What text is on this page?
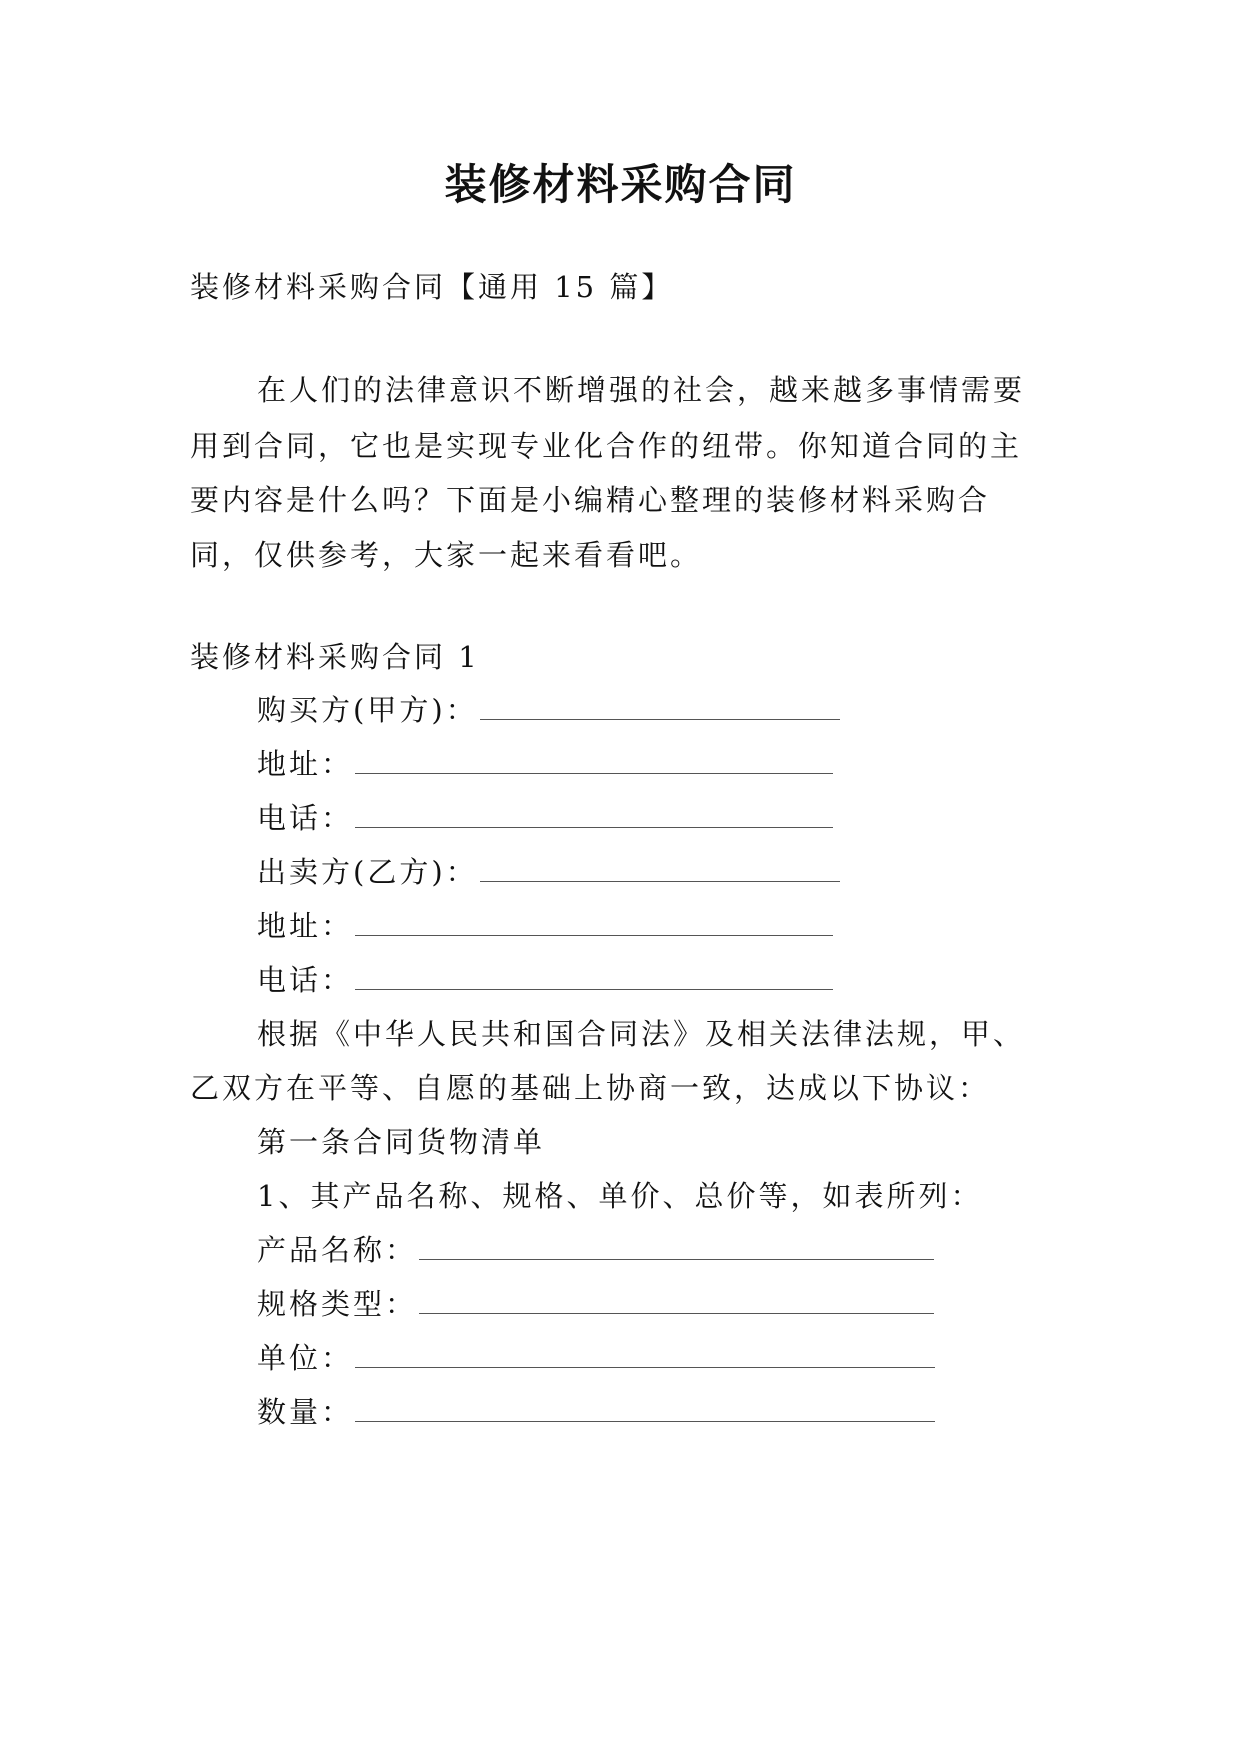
装修材料采购合同
装修材料采购合同【通用 15 篇】
在人们的法律意识不断增强的社会，越来越多事情需要
用到合同，它也是实现专业化合作的纽带。你知道合同的主
要内容是什么吗？下面是小编精心整理的装修材料采购合
同，仅供参考，大家一起来看看吧。
装修材料采购合同 1
购买方(甲方)：
地址：
电话：
出卖方(乙方)：
地址：
电话：
根据《中华人民共和国合同法》及相关法律法规，甲、
乙双方在平等、自愿的基础上协商一致，达成以下协议：
第一条合同货物清单
1、其产品名称、规格、单价、总价等，如表所列：
产品名称：
规格类型：
单位：
数量：
